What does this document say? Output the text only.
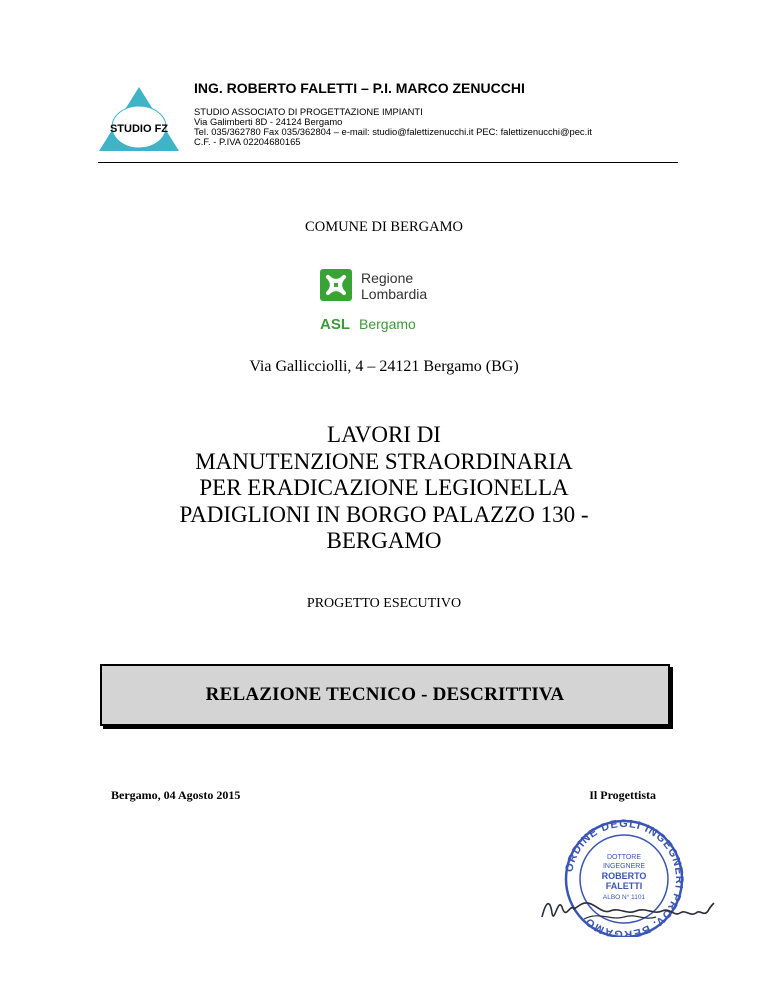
STUDIO FZ
ING. ROBERTO FALETTI – P.I. MARCO ZENUCCHI
STUDIO ASSOCIATO DI PROGETTAZIONE IMPIANTI
Via Galimberti 8D - 24124 Bergamo
Tel. 035/362780 Fax 035/362804 – e-mail: studio@falettizenucchi.it PEC: falettizenucchi@pec.it
C.F. - P.IVA 02204680165
COMUNE DI BERGAMO
Regione
Lombardia
ASL Bergamo
Via Gallicciolli, 4 – 24121 Bergamo (BG)
LAVORI DI
MANUTENZIONE STRAORDINARIA
PER ERADICAZIONE LEGIONELLA
PADIGLIONI IN BORGO PALAZZO 130 -
BERGAMO
PROGETTO ESECUTIVO
RELAZIONE TECNICO - DESCRITTIVA
Bergamo, 04 Agosto 2015	Il Progettista
ORDINE DEGLI INGEGNERI PROV. BERGAMO
DOTTORE
INGEGNERE
ROBERTO
FALETTI
ALBO N° 1101
